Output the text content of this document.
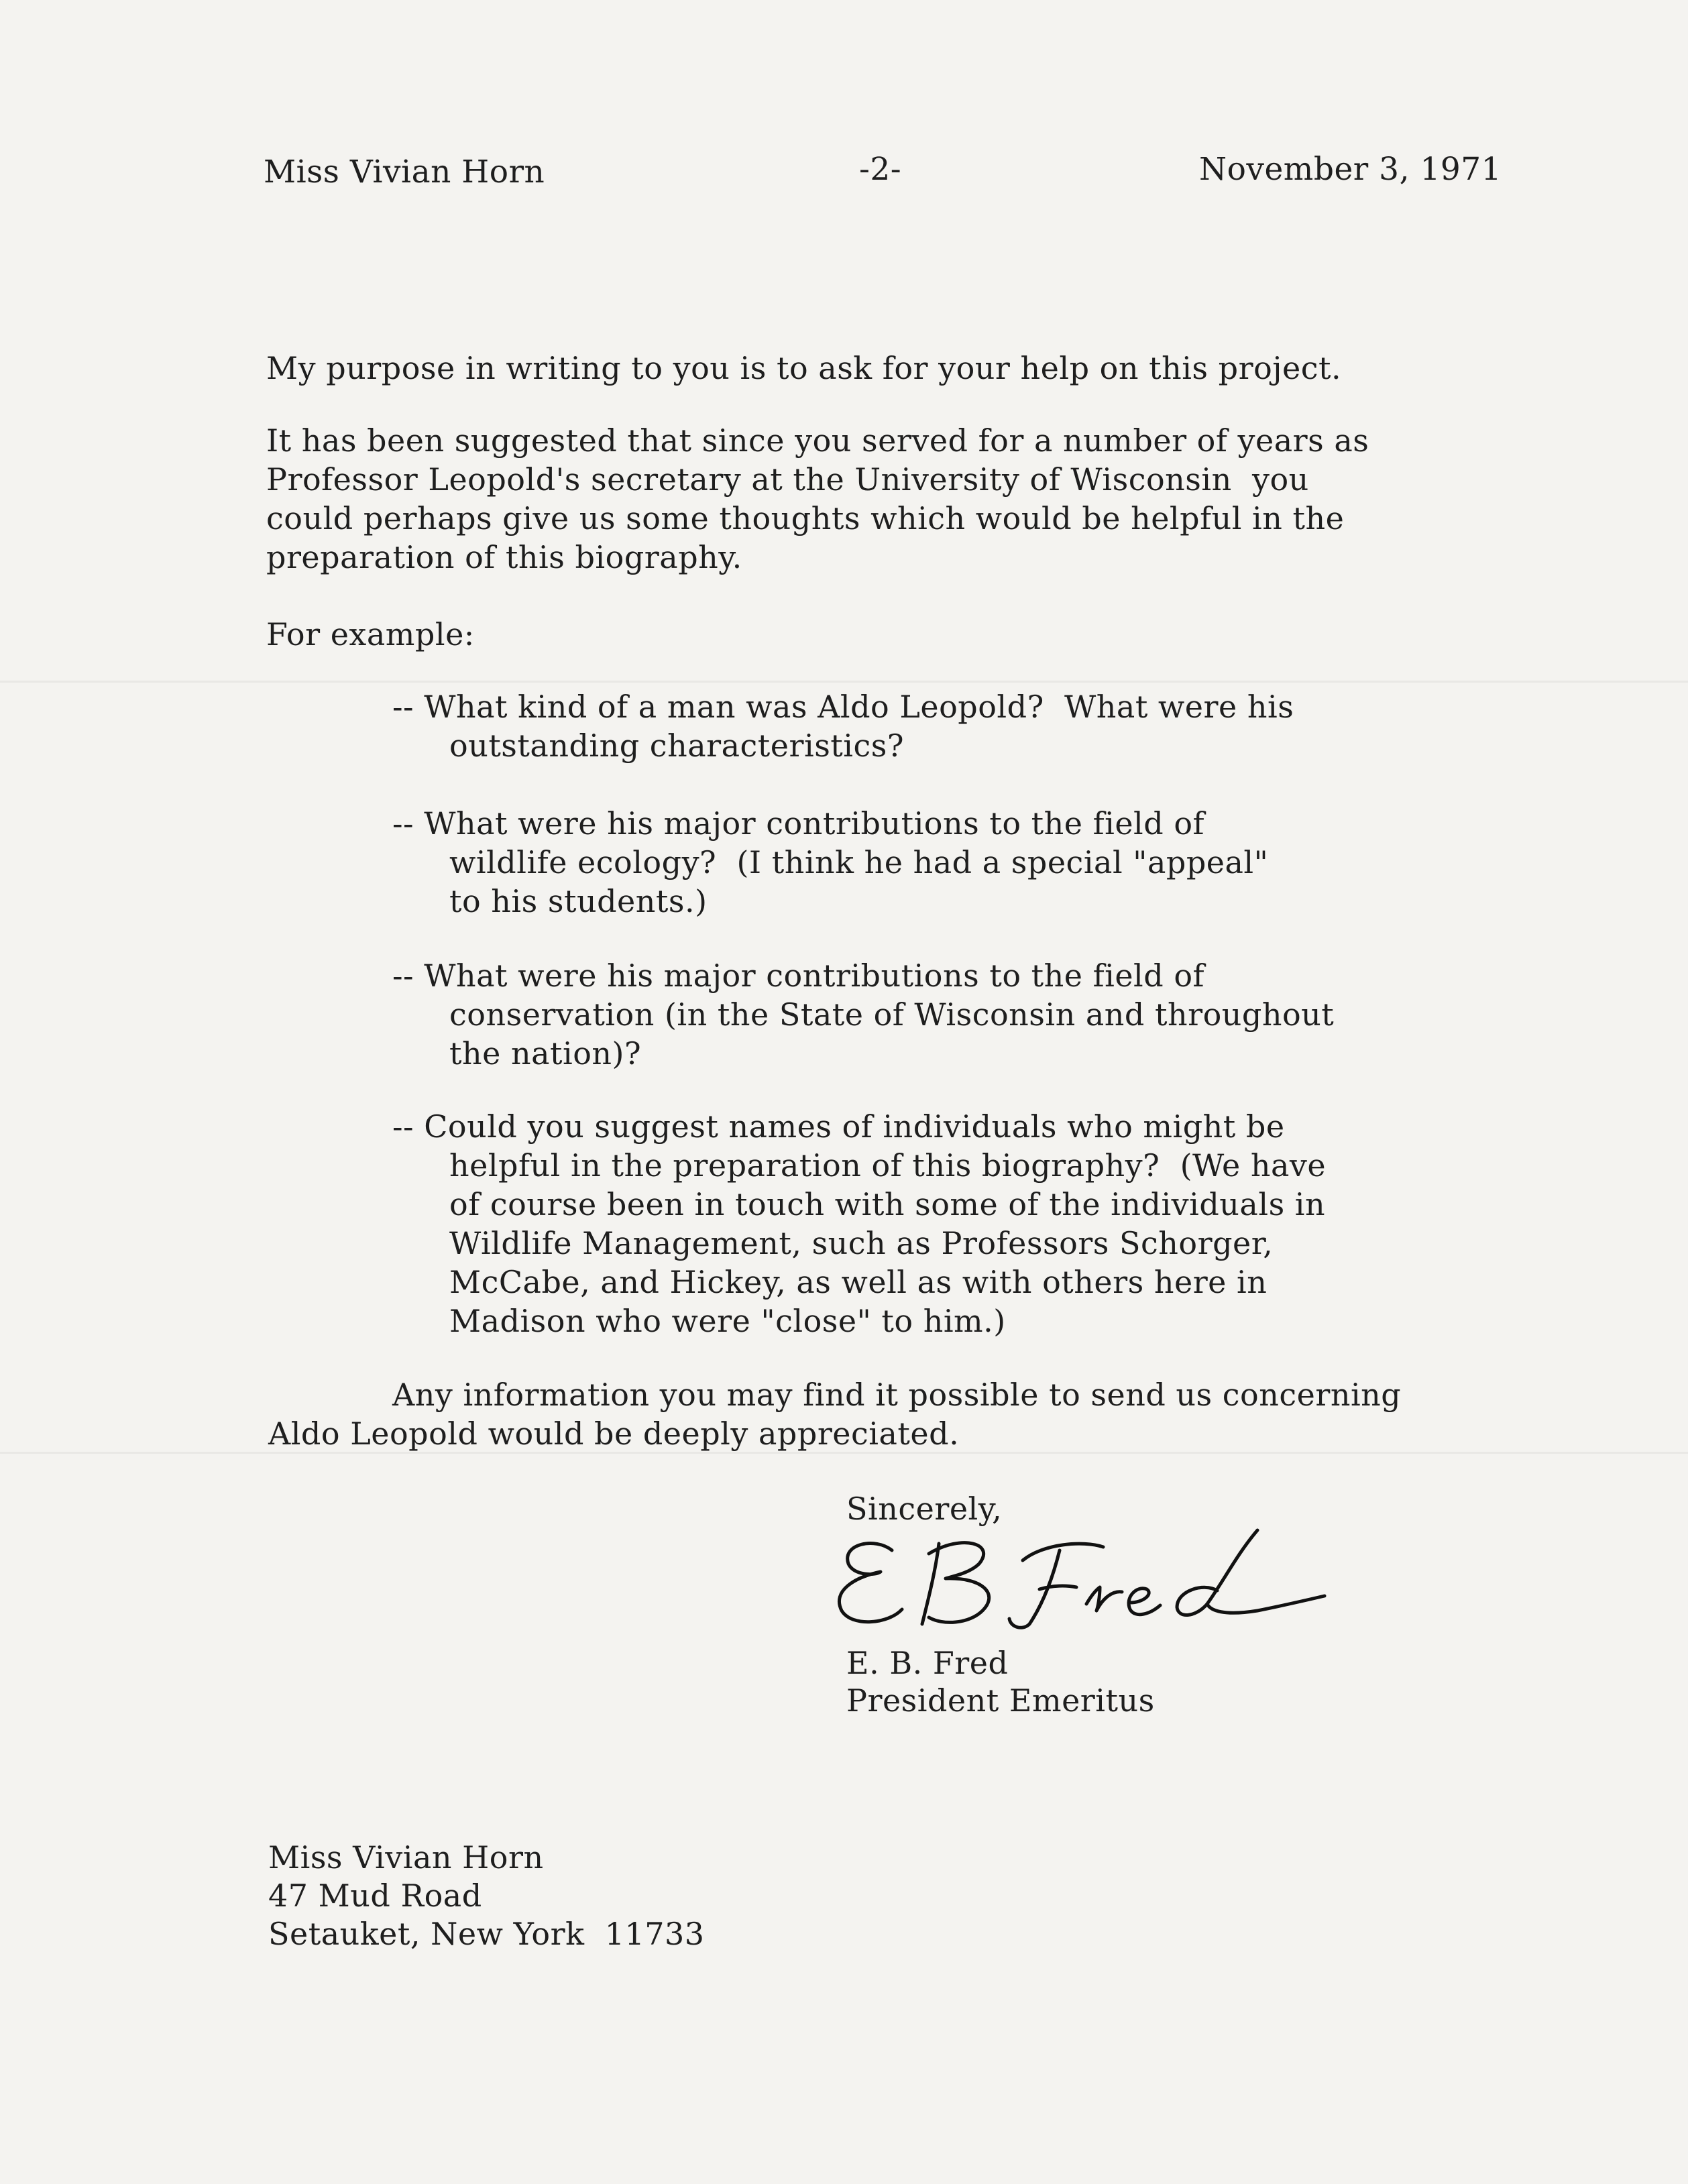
Miss Vivian Horn	-2-	November 3, 1971
My purpose in writing to you is to ask for your help on this project.
It has been suggested that since you served for a number of years as
Professor Leopold's secretary at the University of Wisconsin  you
could perhaps give us some thoughts which would be helpful in the
preparation of this biography.
For example:
-- What kind of a man was Aldo Leopold?  What were his
outstanding characteristics?
-- What were his major contributions to the field of
wildlife ecology?  (I think he had a special "appeal"
to his students.)
-- What were his major contributions to the field of
conservation (in the State of Wisconsin and throughout
the nation)?
-- Could you suggest names of individuals who might be
helpful in the preparation of this biography?  (We have
of course been in touch with some of the individuals in
Wildlife Management, such as Professors Schorger,
McCabe, and Hickey, as well as with others here in
Madison who were "close" to him.)
Any information you may find it possible to send us concerning
Aldo Leopold would be deeply appreciated.
Sincerely,
E. B. Fred
President Emeritus
Miss Vivian Horn
47 Mud Road
Setauket, New York  11733
